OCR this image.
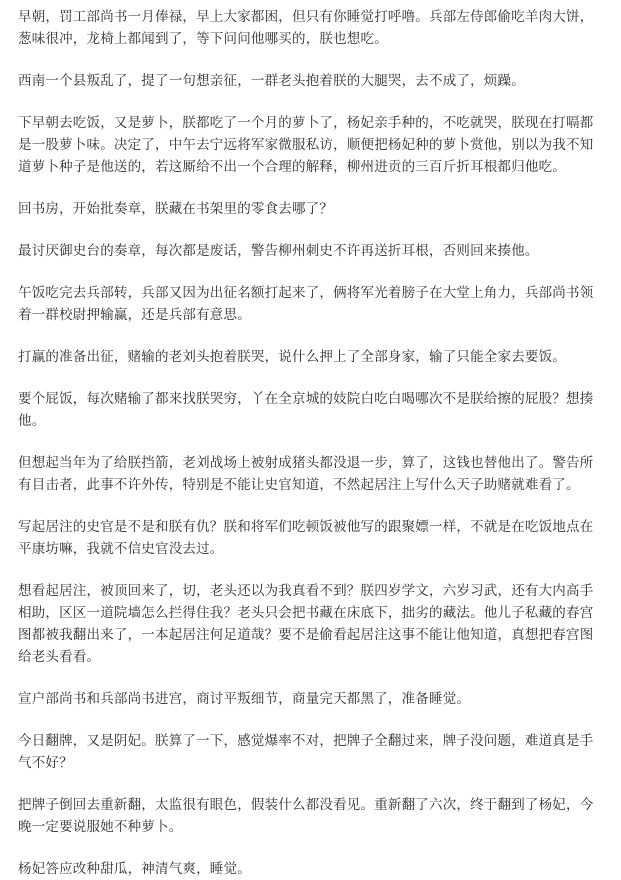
早朝，罚工部尚书一月俸禄，早上大家都困，但只有你睡觉打呼噜。兵部左侍郎偷吃羊肉大饼，葱味很冲，龙椅上都闻到了，等下问问他哪买的，朕也想吃。

西南一个县叛乱了，提了一句想亲征，一群老头抱着朕的大腿哭，去不成了，烦躁。

下早朝去吃饭，又是萝卜，朕都吃了一个月的萝卜了，杨妃亲手种的，不吃就哭，朕现在打嗝都是一股萝卜味。决定了，中午去宁远将军家微服私访，顺便把杨妃种的萝卜赏他，别以为我不知道萝卜种子是他送的，若这厮给不出一个合理的解释，柳州进贡的三百斤折耳根都归他吃。

回书房，开始批奏章，朕藏在书架里的零食去哪了？

最讨厌御史台的奏章，每次都是废话，警告柳州刺史不许再送折耳根，否则回来揍他。

午饭吃完去兵部转，兵部又因为出征名额打起来了，俩将军光着膀子在大堂上角力，兵部尚书领着一群校尉押输赢，还是兵部有意思。

打赢的准备出征，赌输的老刘头抱着朕哭，说什么押上了全部身家，输了只能全家去要饭。

要个屁饭，每次赌输了都来找朕哭穷，丫在全京城的妓院白吃白喝哪次不是朕给擦的屁股？想揍他。

但想起当年为了给朕挡箭，老刘战场上被射成猪头都没退一步，算了，这钱也替他出了。警告所有目击者，此事不许外传，特别是不能让史官知道，不然起居注上写什么天子助赌就难看了。

写起居注的史官是不是和朕有仇？朕和将军们吃顿饭被他写的跟聚嫖一样，不就是在吃饭地点在平康坊嘛，我就不信史官没去过。

想看起居注，被顶回来了，切，老头还以为我真看不到？朕四岁学文，六岁习武，还有大内高手相助，区区一道院墙怎么拦得住我？老头只会把书藏在床底下，拙劣的藏法。他儿子私藏的春宫图都被我翻出来了，一本起居注何足道哉？要不是偷看起居注这事不能让他知道，真想把春宫图给老头看看。

宣户部尚书和兵部尚书进宫，商讨平叛细节，商量完天都黑了，准备睡觉。

今日翻牌，又是阴妃。朕算了一下，感觉爆率不对，把牌子全翻过来，牌子没问题，难道真是手气不好？

把牌子倒回去重新翻，太监很有眼色，假装什么都没看见。重新翻了六次，终于翻到了杨妃，今晚一定要说服她不种萝卜。

杨妃答应改种甜瓜，神清气爽，睡觉。
